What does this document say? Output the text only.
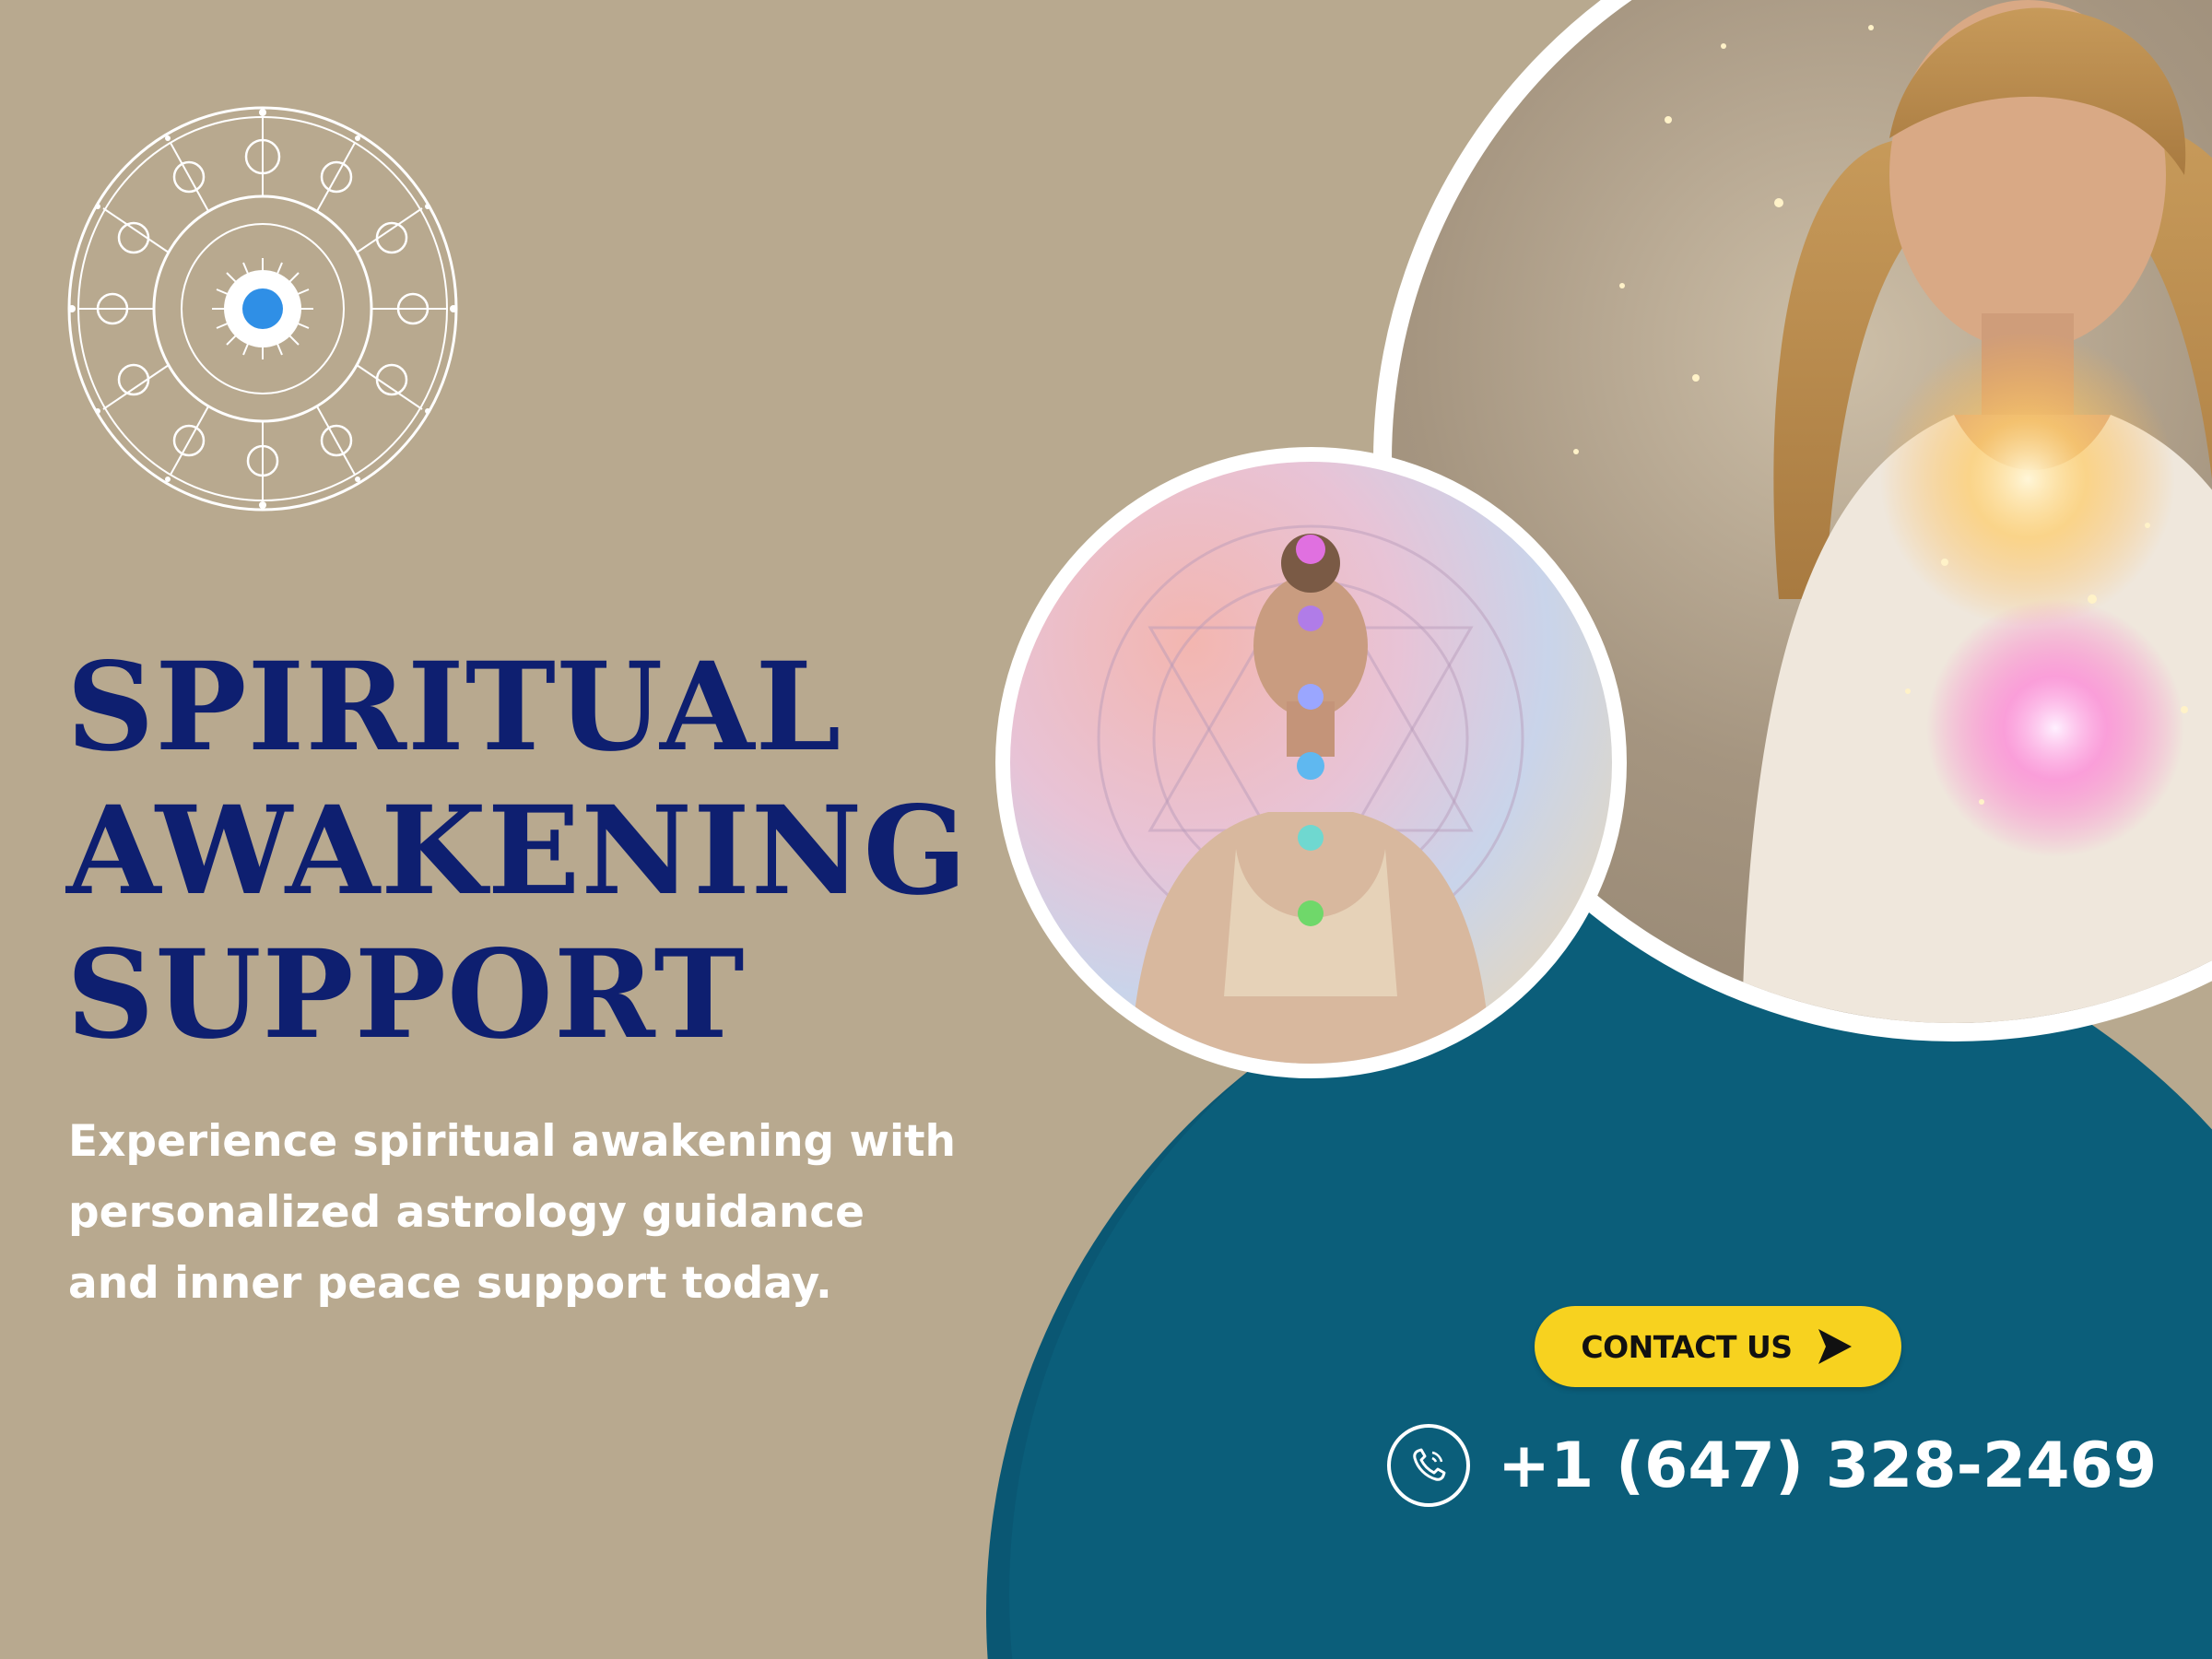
SPIRITUAL
AWAKENING
SUPPORT

Experience spiritual awakening with
personalized astrology guidance
and inner peace support today.

CONTACT US
+1 (647) 328-2469
